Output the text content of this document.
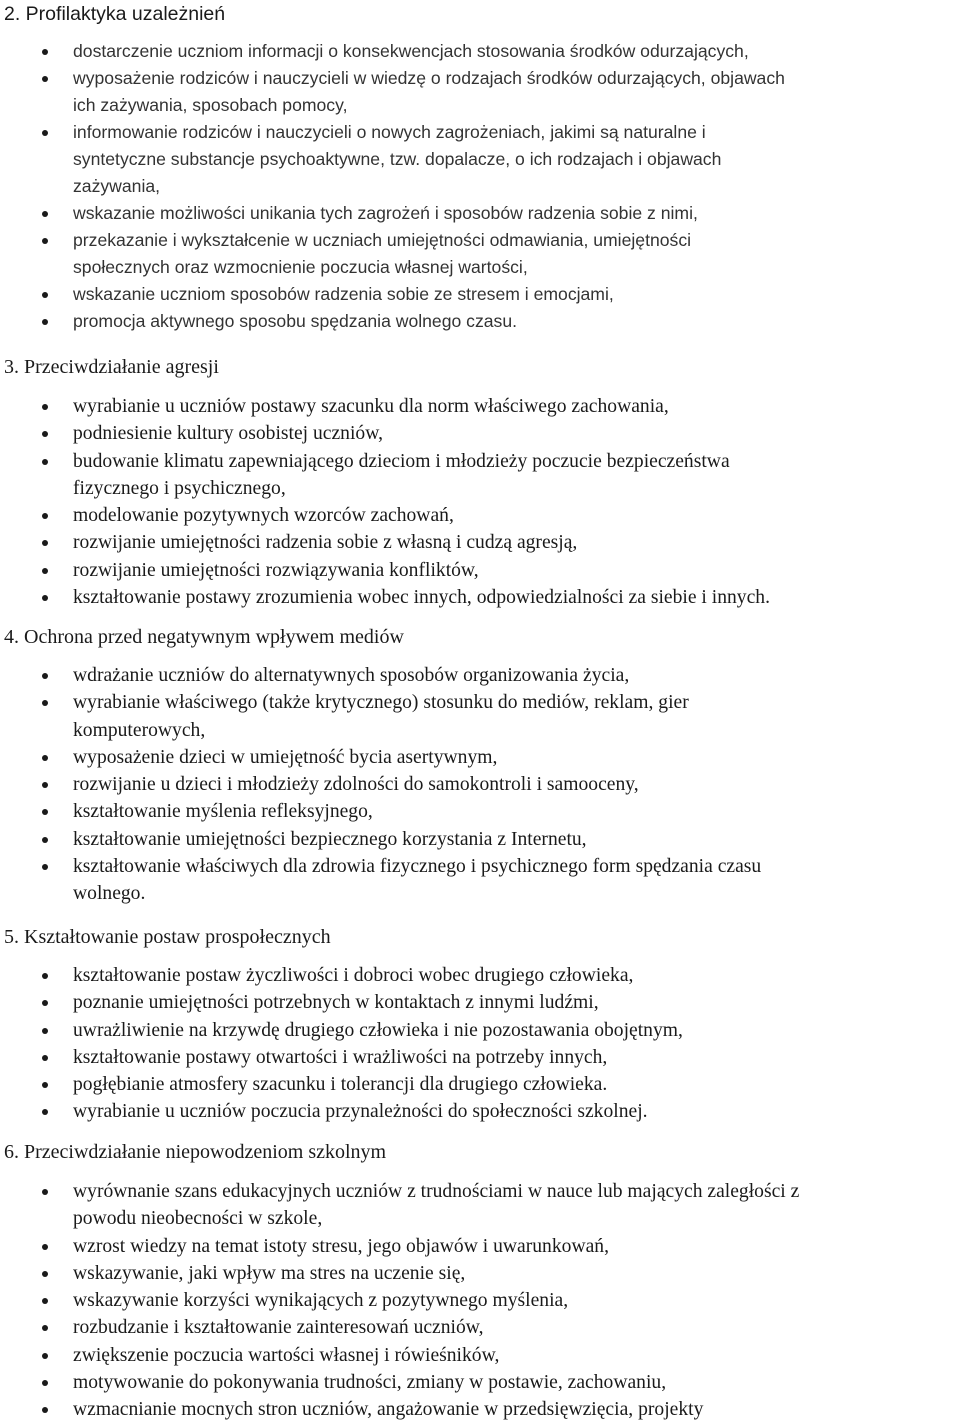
2. Profilaktyka uzależnień
dostarczenie uczniom informacji o konsekwencjach stosowania środków odurzających,
wyposażenie rodziców i nauczycieli w wiedzę o rodzajach środków odurzających, objawach
ich zażywania, sposobach pomocy,
informowanie rodziców i nauczycieli o nowych zagrożeniach, jakimi są naturalne i
syntetyczne substancje psychoaktywne, tzw. dopalacze, o ich rodzajach i objawach
zażywania,
wskazanie możliwości unikania tych zagrożeń i sposobów radzenia sobie z nimi,
przekazanie i wykształcenie w uczniach umiejętności odmawiania, umiejętności
społecznych oraz wzmocnienie poczucia własnej wartości,
wskazanie uczniom sposobów radzenia sobie ze stresem i emocjami,
promocja aktywnego sposobu spędzania wolnego czasu.
3. Przeciwdziałanie agresji
wyrabianie u uczniów postawy szacunku dla norm właściwego zachowania,
podniesienie kultury osobistej uczniów,
budowanie klimatu zapewniającego dzieciom i młodzieży poczucie bezpieczeństwa
fizycznego i psychicznego,
modelowanie pozytywnych wzorców zachowań,
rozwijanie umiejętności radzenia sobie z własną i cudzą agresją,
rozwijanie umiejętności rozwiązywania konfliktów,
kształtowanie postawy zrozumienia wobec innych, odpowiedzialności za siebie i innych.
4. Ochrona przed negatywnym wpływem mediów
wdrażanie uczniów do alternatywnych sposobów organizowania życia,
wyrabianie właściwego (także krytycznego) stosunku do mediów, reklam, gier
komputerowych,
wyposażenie dzieci w umiejętność bycia asertywnym,
rozwijanie u dzieci i młodzieży zdolności do samokontroli i samooceny,
kształtowanie myślenia refleksyjnego,
kształtowanie umiejętności bezpiecznego korzystania z Internetu,
kształtowanie właściwych dla zdrowia fizycznego i psychicznego form spędzania czasu
wolnego.
5. Kształtowanie postaw prospołecznych
kształtowanie postaw życzliwości i dobroci wobec drugiego człowieka,
poznanie umiejętności potrzebnych w kontaktach z innymi ludźmi,
uwrażliwienie na krzywdę drugiego człowieka i nie pozostawania obojętnym,
kształtowanie postawy otwartości i wrażliwości na potrzeby innych,
pogłębianie atmosfery szacunku i tolerancji dla drugiego człowieka.
wyrabianie u uczniów poczucia przynależności do społeczności szkolnej.
6. Przeciwdziałanie niepowodzeniom szkolnym
wyrównanie szans edukacyjnych uczniów z trudnościami w nauce lub mających zaległości z
powodu nieobecności w szkole,
wzrost wiedzy na temat istoty stresu, jego objawów i uwarunkowań,
wskazywanie, jaki wpływ ma stres na uczenie się,
wskazywanie korzyści wynikających z pozytywnego myślenia,
rozbudzanie i kształtowanie zainteresowań uczniów,
zwiększenie poczucia wartości własnej i rówieśników,
motywowanie do pokonywania trudności, zmiany w postawie, zachowaniu,
wzmacnianie mocnych stron uczniów, angażowanie w przedsięwzięcia, projekty
